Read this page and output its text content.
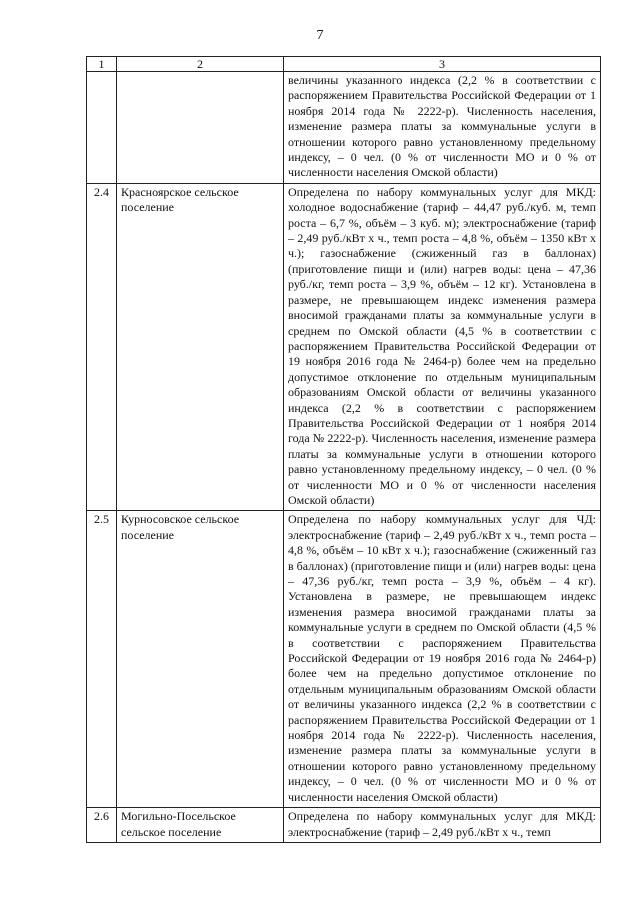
7
1	2	3
		величины указанного индекса (2,2 % в соответствии с распоряжением Правительства Российской Федерации от 1 ноября 2014 года № 2222-р). Численность населения, изменение размера платы за коммунальные услуги в отношении которого равно установленному предельному индексу, – 0 чел. (0 % от численности МО и 0 % от численности населения Омской области)
2.4	Красноярское сельское поселение	Определена по набору коммунальных услуг для МКД: холодное водоснабжение (тариф – 44,47 руб./куб. м, темп роста – 6,7 %, объём – 3 куб. м); электроснабжение (тариф – 2,49 руб./кВт х ч., темп роста – 4,8 %, объём – 1350 кВт х ч.); газоснабжение (сжиженный газ в баллонах) (приготовление пищи и (или) нагрев воды: цена – 47,36 руб./кг, темп роста – 3,9 %, объём – 12 кг). Установлена в размере, не превышающем индекс изменения размера вносимой гражданами платы за коммунальные услуги в среднем по Омской области (4,5 % в соответствии с распоряжением Правительства Российской Федерации от 19 ноября 2016 года № 2464-р) более чем на предельно допустимое отклонение по отдельным муниципальным образованиям Омской области от величины указанного индекса (2,2 % в соответствии с распоряжением Правительства Российской Федерации от 1 ноября 2014 года № 2222-р). Численность населения, изменение размера платы за коммунальные услуги в отношении которого равно установленному предельному индексу, – 0 чел. (0 % от численности МО и 0 % от численности населения Омской области)
2.5	Курносовское сельское поселение	Определена по набору коммунальных услуг для ЧД: электроснабжение (тариф – 2,49 руб./кВт х ч., темп роста – 4,8 %, объём – 10 кВт х ч.); газоснабжение (сжиженный газ в баллонах) (приготовление пищи и (или) нагрев воды: цена – 47,36 руб./кг, темп роста – 3,9 %, объём – 4 кг). Установлена в размере, не превышающем индекс изменения размера вносимой гражданами платы за коммунальные услуги в среднем по Омской области (4,5 % в соответствии с распоряжением Правительства Российской Федерации от 19 ноября 2016 года № 2464-р) более чем на предельно допустимое отклонение по отдельным муниципальным образованиям Омской области от величины указанного индекса (2,2 % в соответствии с распоряжением Правительства Российской Федерации от 1 ноября 2014 года № 2222-р). Численность населения, изменение размера платы за коммунальные услуги в отношении которого равно установленному предельному индексу, – 0 чел. (0 % от численности МО и 0 % от численности населения Омской области)
2.6	Могильно-Посельское сельское поселение	Определена по набору коммунальных услуг для МКД: электроснабжение (тариф – 2,49 руб./кВт х ч., темп
